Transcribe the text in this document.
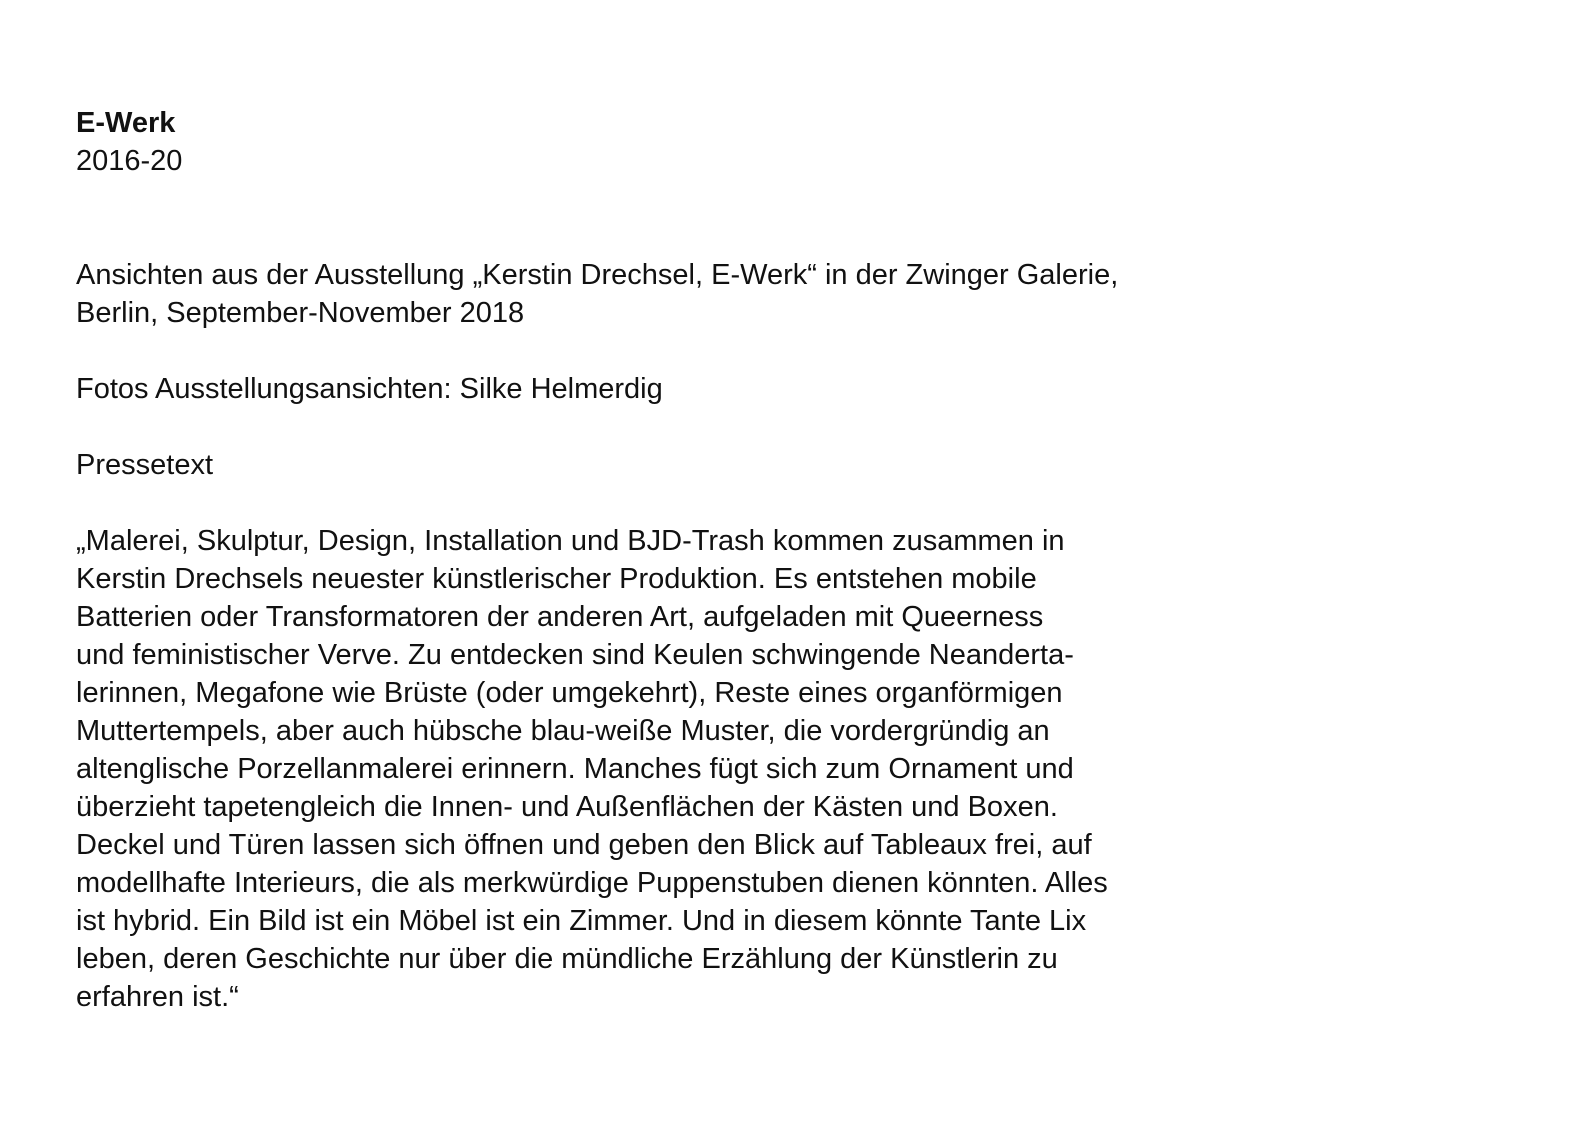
E-Werk

2016-20

Ansichten aus der Ausstellung „Kerstin Drechsel, E-Werk“ in der Zwinger Galerie,

Berlin, September-November 2018

Fotos Ausstellungsansichten: Silke Helmerdig

Pressetext

„Malerei, Skulptur, Design, Installation und BJD-Trash kommen zusammen in

Kerstin Drechsels neuester künstlerischer Produktion. Es entstehen mobile

Batterien oder Transformatoren der anderen Art, aufgeladen mit Queerness

und feministischer Verve. Zu entdecken sind Keulen schwingende Neanderta-

lerinnen, Megafone wie Brüste (oder umgekehrt), Reste eines organförmigen

Muttertempels, aber auch hübsche blau-weiße Muster, die vordergründig an

altenglische Porzellanmalerei erinnern. Manches fügt sich zum Ornament und

überzieht tapetengleich die Innen- und Außenflächen der Kästen und Boxen.

Deckel und Türen lassen sich öffnen und geben den Blick auf Tableaux frei, auf

modellhafte Interieurs, die als merkwürdige Puppenstuben dienen könnten. Alles

ist hybrid. Ein Bild ist ein Möbel ist ein Zimmer. Und in diesem könnte Tante Lix

leben, deren Geschichte nur über die mündliche Erzählung der Künstlerin zu

erfahren ist.“
